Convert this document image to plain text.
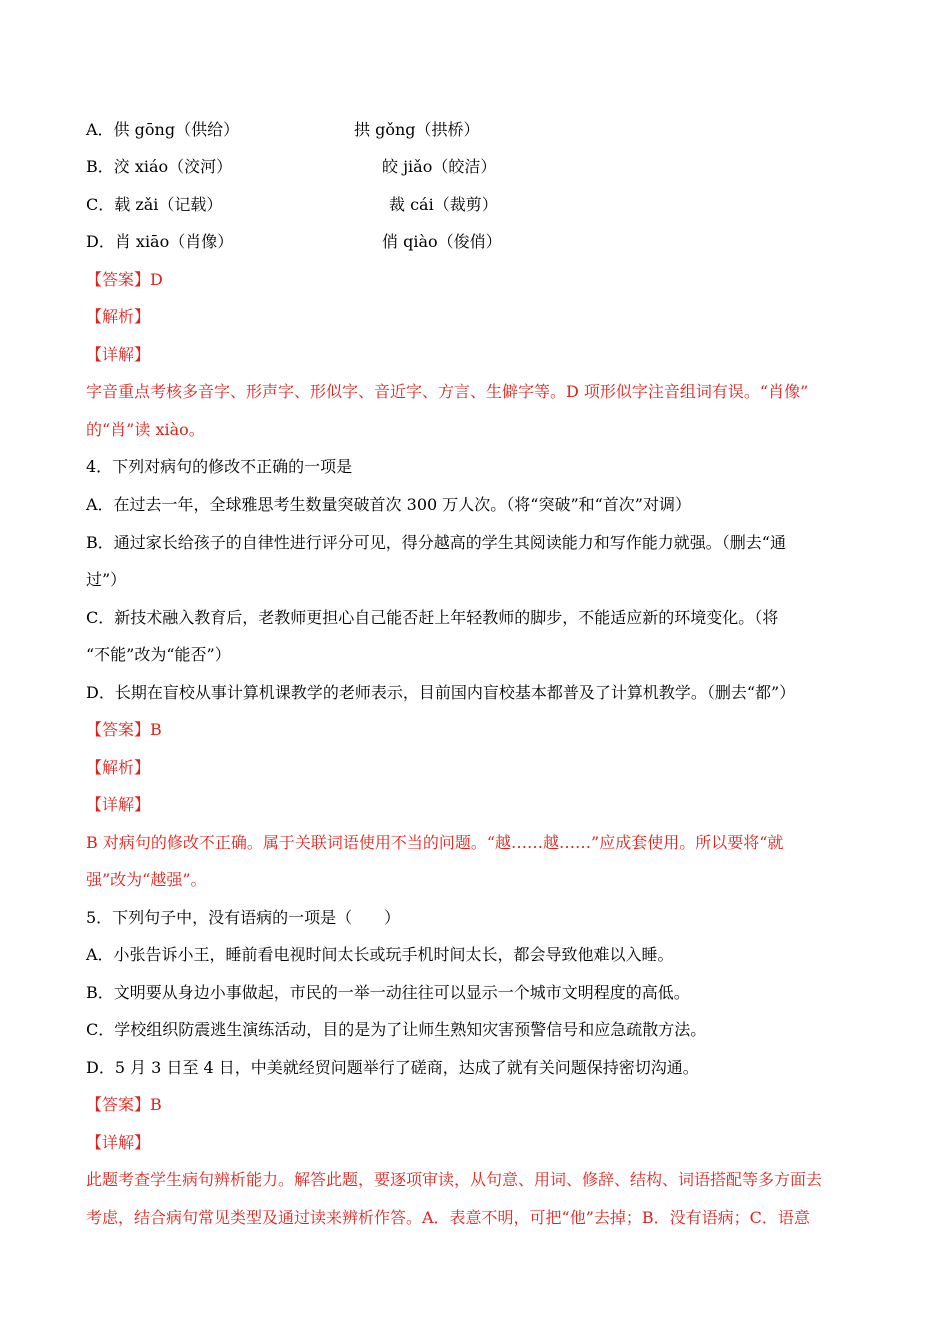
A．供 gōng（供给）	拱 gǒng（拱桥）
B．洨 xiáo（洨河）	皎 jiǎo（皎洁）
C．载 zǎi（记载）	裁 cái（裁剪）
D．肖 xiāo（肖像）	俏 qiào（俊俏）
【答案】D
【解析】
【详解】
字音重点考核多音字、形声字、形似字、音近字、方言、生僻字等。D 项形似字注音组词有误。“肖像”
的“肖”读 xiào。
4．下列对病句的修改不正确的一项是
A．在过去一年，全球雅思考生数量突破首次 300 万人次。（将“突破”和“首次”对调）
B．通过家长给孩子的自律性进行评分可见，得分越高的学生其阅读能力和写作能力就强。（删去“通
过”）
C．新技术融入教育后，老教师更担心自己能否赶上年轻教师的脚步，不能适应新的环境变化。（将
“不能”改为“能否”）
D．长期在盲校从事计算机课教学的老师表示，目前国内盲校基本都普及了计算机教学。（删去“都”）
【答案】B
【解析】
【详解】
B 对病句的修改不正确。属于关联词语使用不当的问题。“越……越……”应成套使用。所以要将“就
强”改为“越强”。
5．下列句子中，没有语病的一项是（　　）
A．小张告诉小王，睡前看电视时间太长或玩手机时间太长，都会导致他难以入睡。
B．文明要从身边小事做起，市民的一举一动往往可以显示一个城市文明程度的高低。
C．学校组织防震逃生演练活动，目的是为了让师生熟知灾害预警信号和应急疏散方法。
D．5 月 3 日至 4 日，中美就经贸问题举行了磋商，达成了就有关问题保持密切沟通。
【答案】B
【详解】
此题考查学生病句辨析能力。解答此题，要逐项审读，从句意、用词、修辞、结构、词语搭配等多方面去
考虑，结合病句常见类型及通过读来辨析作答。A．表意不明，可把“他”去掉；B．没有语病；C．语意
